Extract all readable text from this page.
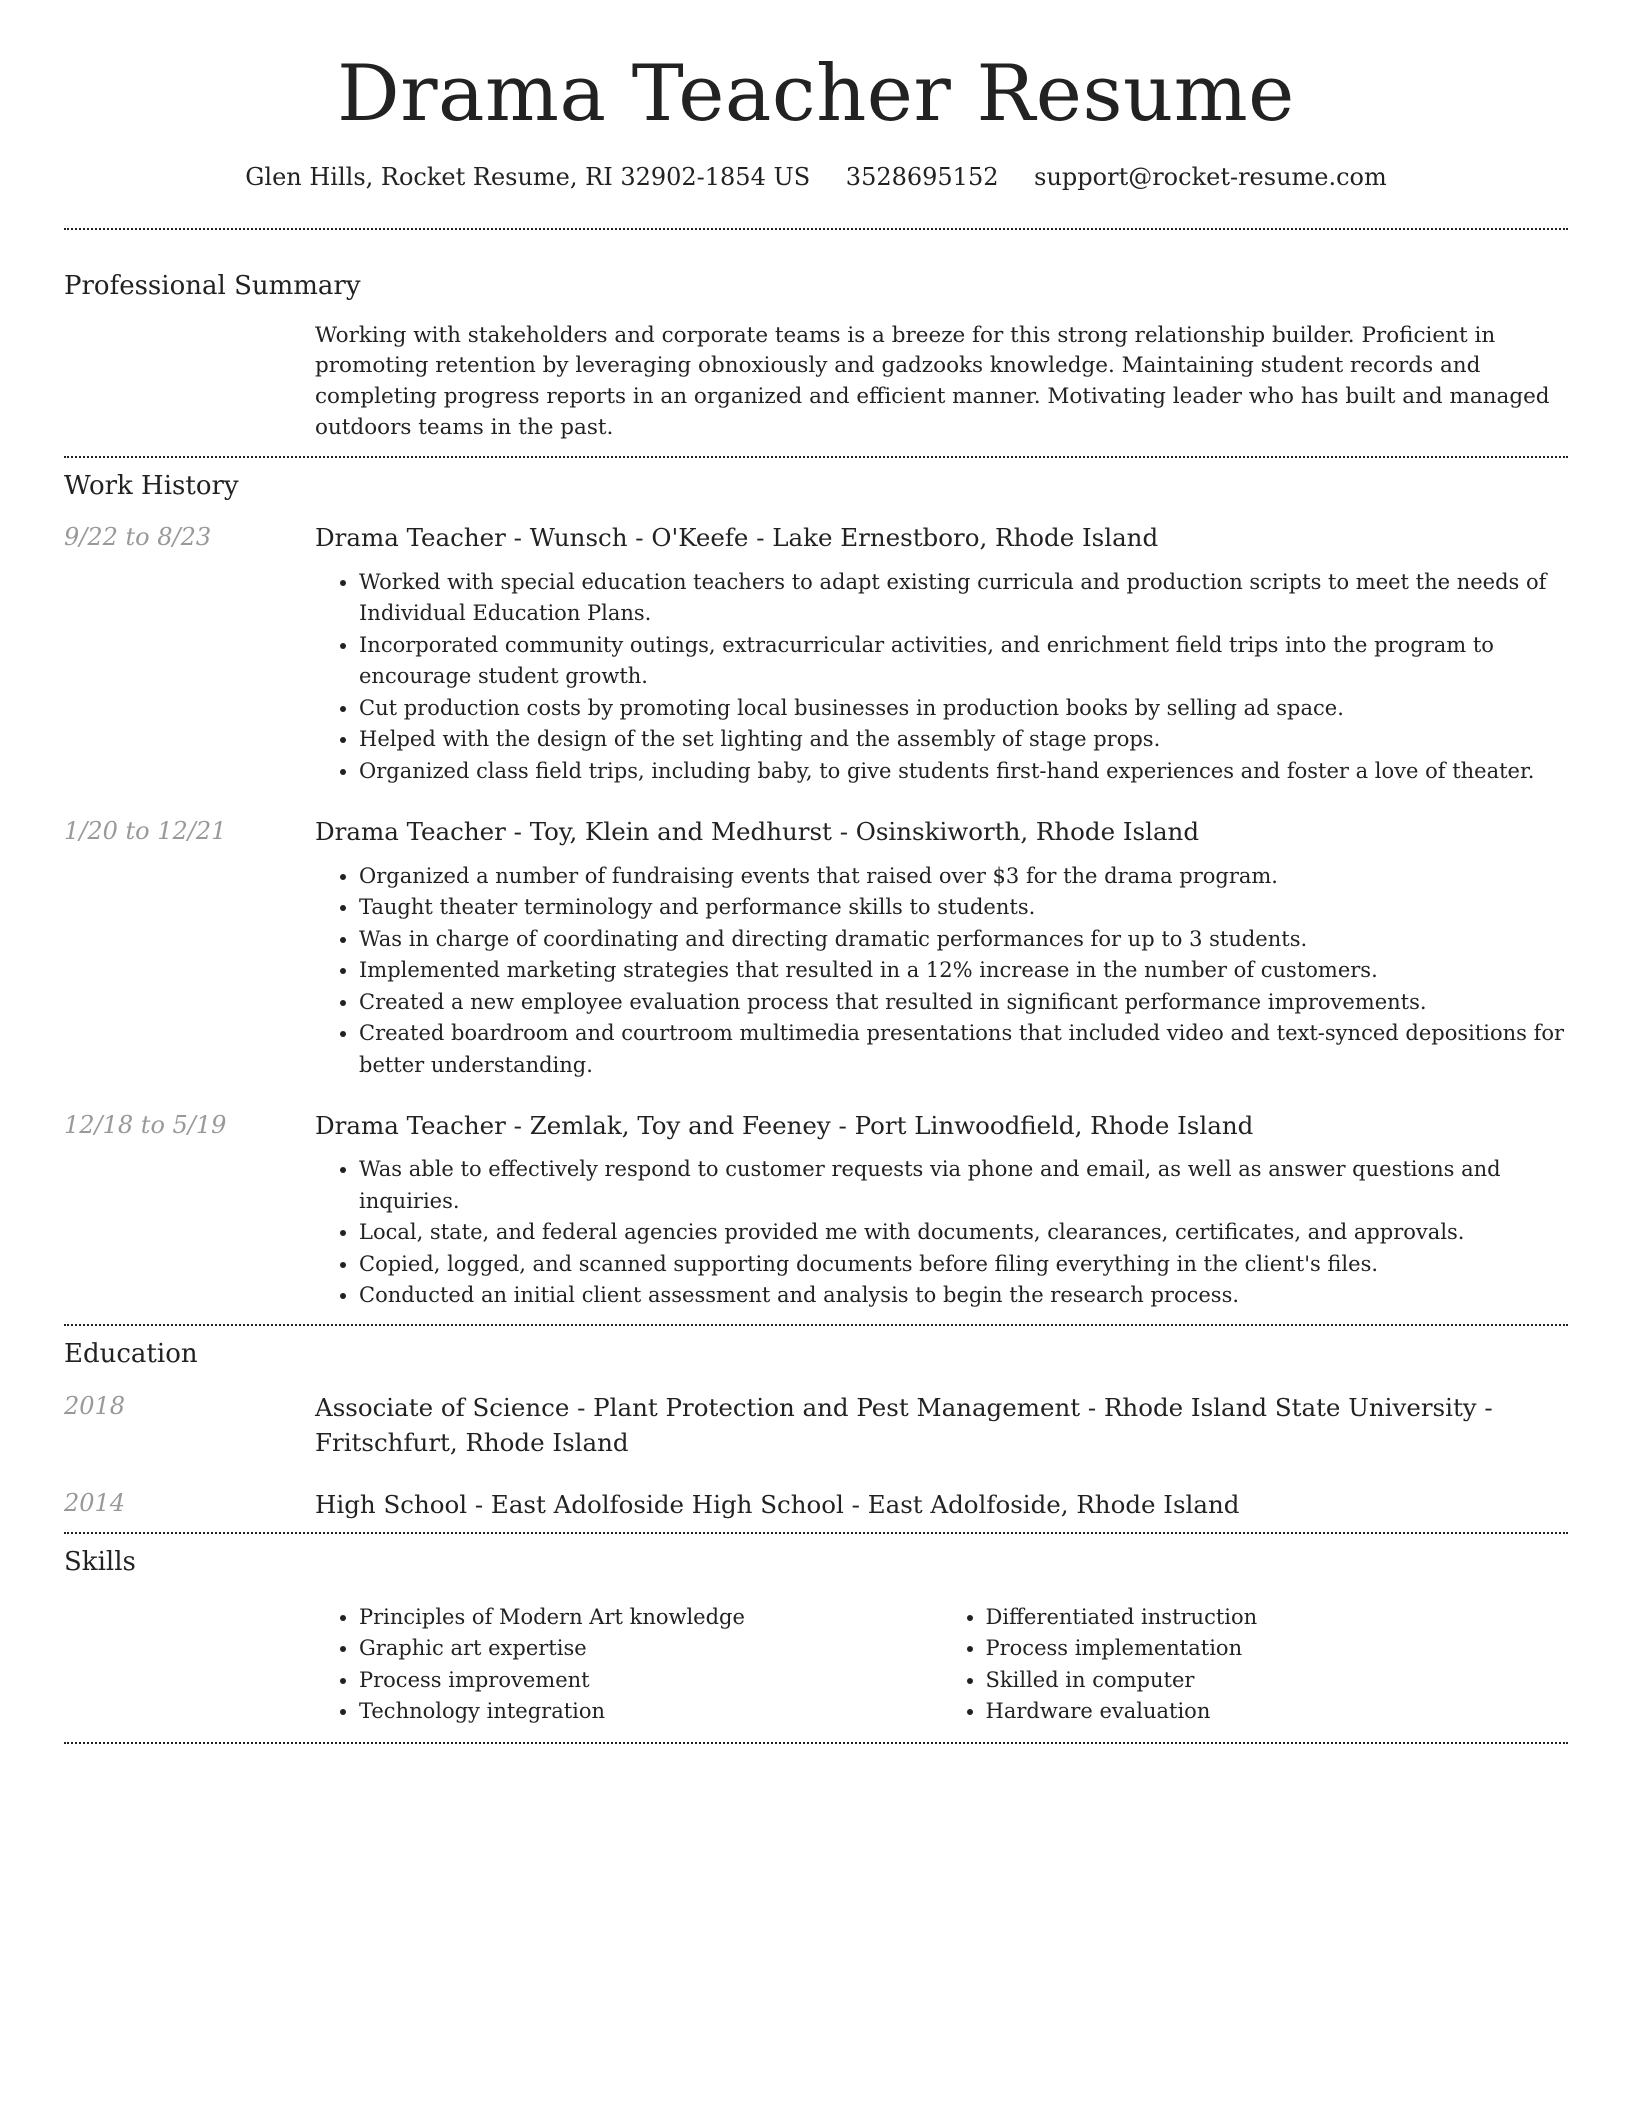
Drama Teacher Resume
Glen Hills, Rocket Resume, RI 32902-1854 US 3528695152 support@rocket-resume.com
Professional Summary
Working with stakeholders and corporate teams is a breeze for this strong relationship builder. Proficient in promoting retention by leveraging obnoxiously and gadzooks knowledge. Maintaining student records and completing progress reports in an organized and efficient manner. Motivating leader who has built and managed outdoors teams in the past.
Work History
9/22 to 8/23	Drama Teacher - Wunsch - O'Keefe - Lake Ernestboro, Rhode Island
• Worked with special education teachers to adapt existing curricula and production scripts to meet the needs of Individual Education Plans.
• Incorporated community outings, extracurricular activities, and enrichment field trips into the program to encourage student growth.
• Cut production costs by promoting local businesses in production books by selling ad space.
• Helped with the design of the set lighting and the assembly of stage props.
• Organized class field trips, including baby, to give students first-hand experiences and foster a love of theater.
1/20 to 12/21	Drama Teacher - Toy, Klein and Medhurst - Osinskiworth, Rhode Island
• Organized a number of fundraising events that raised over $3 for the drama program.
• Taught theater terminology and performance skills to students.
• Was in charge of coordinating and directing dramatic performances for up to 3 students.
• Implemented marketing strategies that resulted in a 12% increase in the number of customers.
• Created a new employee evaluation process that resulted in significant performance improvements.
• Created boardroom and courtroom multimedia presentations that included video and text-synced depositions for better understanding.
12/18 to 5/19	Drama Teacher - Zemlak, Toy and Feeney - Port Linwoodfield, Rhode Island
• Was able to effectively respond to customer requests via phone and email, as well as answer questions and inquiries.
• Local, state, and federal agencies provided me with documents, clearances, certificates, and approvals.
• Copied, logged, and scanned supporting documents before filing everything in the client's files.
• Conducted an initial client assessment and analysis to begin the research process.
Education
2018	Associate of Science - Plant Protection and Pest Management - Rhode Island State University - Fritschfurt, Rhode Island
2014	High School - East Adolfoside High School - East Adolfoside, Rhode Island
Skills
• Principles of Modern Art knowledge
• Graphic art expertise
• Process improvement
• Technology integration
• Differentiated instruction
• Process implementation
• Skilled in computer
• Hardware evaluation
